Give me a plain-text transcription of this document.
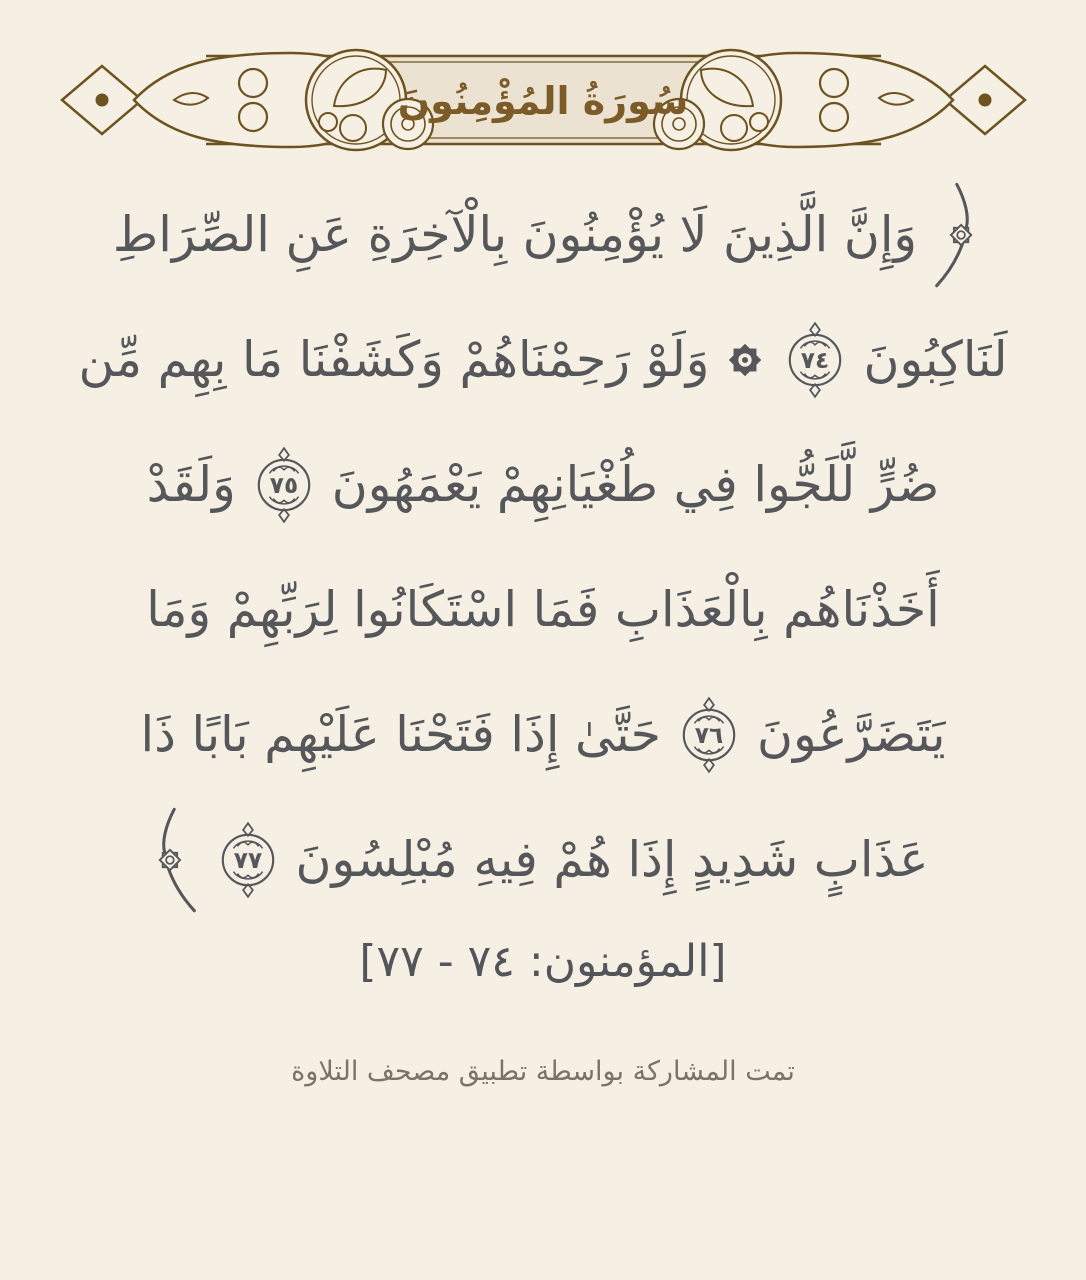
سُورَةُ المُؤْمِنُونَ
وَإِنَّ الَّذِينَ لَا يُؤْمِنُونَ بِالْآخِرَةِ عَنِ الصِّرَاطِ
لَنَاكِبُونَ
٧٤
وَلَوْ رَحِمْنَاهُمْ وَكَشَفْنَا مَا بِهِم مِّن
ضُرٍّ لَّلَجُّوا فِي طُغْيَانِهِمْ يَعْمَهُونَ
٧٥
وَلَقَدْ
أَخَذْنَاهُم بِالْعَذَابِ فَمَا اسْتَكَانُوا لِرَبِّهِمْ وَمَا
يَتَضَرَّعُونَ
٧٦
حَتَّىٰ إِذَا فَتَحْنَا عَلَيْهِم بَابًا ذَا
عَذَابٍ شَدِيدٍ إِذَا هُمْ فِيهِ مُبْلِسُونَ
٧٧
[المؤمنون: ٧٤ - ٧٧]
تمت المشاركة بواسطة تطبيق مصحف التلاوة
